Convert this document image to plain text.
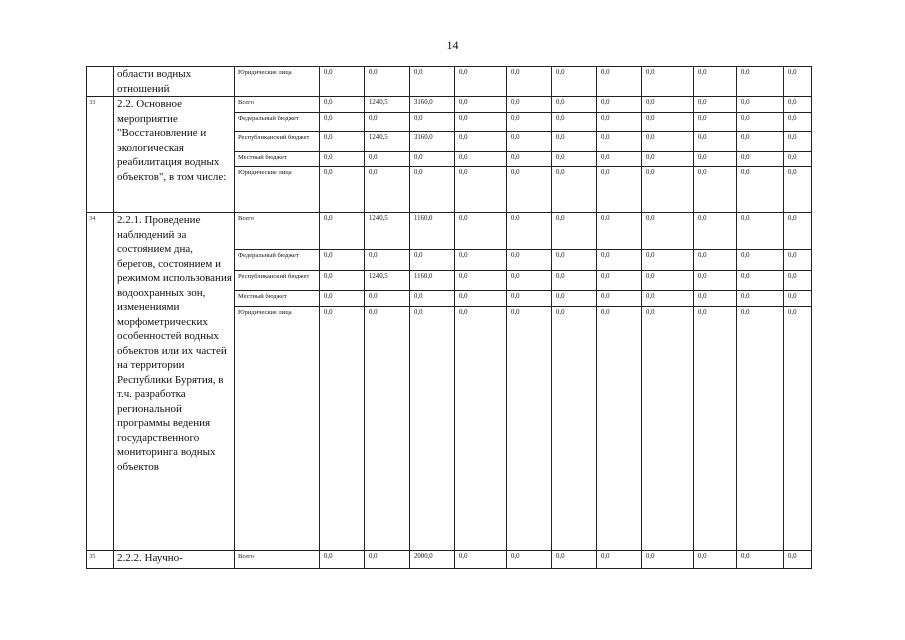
14
	области водных отношений	Юридические лица	0,0	0,0	0,0	0,0	0,0	0,0	0,0	0,0	0,0	0,0	0,0	
33	2.2. Основное мероприятие "Восстановление и экологическая реабилитация водных объектов", в том числе:	Всего	0,0	1240,5	3160,0	0,0	0,0	0,0	0,0	0,0	0,0	0,0	0,0	
		Федеральный бюджет	0,0	0,0	0,0	0,0	0,0	0,0	0,0	0,0	0,0	0,0	0,0	
		Республиканский бюджет	0,0	1240,5	3160,0	0,0	0,0	0,0	0,0	0,0	0,0	0,0	0,0	
		Местный бюджет	0,0	0,0	0,0	0,0	0,0	0,0	0,0	0,0	0,0	0,0	0,0	
		Юридические лица	0,0	0,0	0,0	0,0	0,0	0,0	0,0	0,0	0,0	0,0	0,0	
34	2.2.1. Проведение наблюдений за состоянием дна, берегов, состоянием и режимом использования водоохранных зон, изменениями морфометрических особенностей водных объектов или их частей на территории Республики Бурятия, в т.ч. разработка региональной программы ведения государственного мониторинга водных объектов	Всего	0,0	1240,5	1160,0	0,0	0,0	0,0	0,0	0,0	0,0	0,0	0,0	
		Федеральный бюджет	0,0	0,0	0,0	0,0	0,0	0,0	0,0	0,0	0,0	0,0	0,0	
		Республиканский бюджет	0,0	1240,5	1160,0	0,0	0,0	0,0	0,0	0,0	0,0	0,0	0,0	
		Местный бюджет	0,0	0,0	0,0	0,0	0,0	0,0	0,0	0,0	0,0	0,0	0,0	
		Юридические лица	0,0	0,0	0,0	0,0	0,0	0,0	0,0	0,0	0,0	0,0	0,0	
35	2.2.2. Научно-	Всего	0,0	0,0	2000,0	0,0	0,0	0,0	0,0	0,0	0,0	0,0	0,0	
